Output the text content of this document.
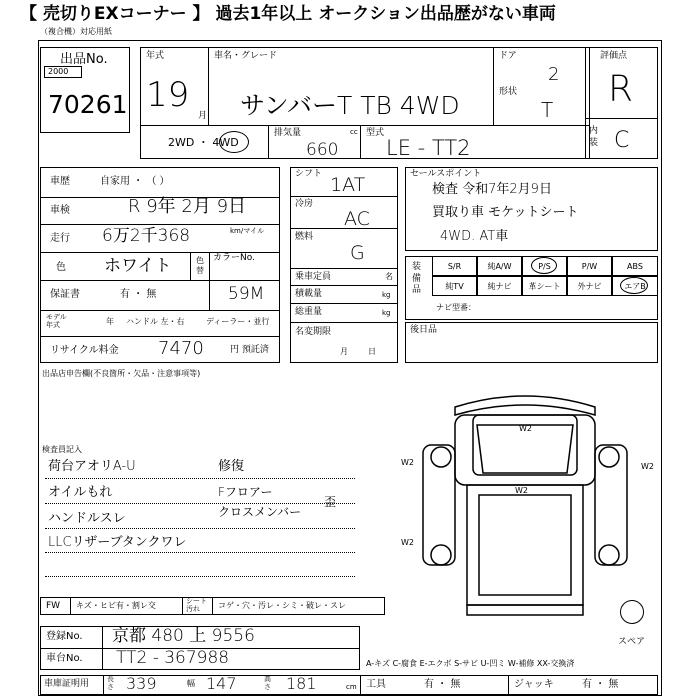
【 売切りEXコーナー 】 過去1年以上 オークション出品歴がない車両
（複合機）対応用紙
出品No.
2000
70261
年式
19
月
車名・グレード
サンバーT TB 4WD
ドア
2
形状
T
2WD ・ 4WD
排気量	cc
660
型式
LE - TT2
評価点
R
内装 C
車歴	自家用 ・ （ ）
車検	R 9年 2月 9日
走行 6万2千368	km/マイル
色 ホワイト	色替
カラーNo.
59M
保証書	有 ・ 無
モデル年式	年 ハンドル 左・右	ディーラー・並行
リサイクル料金 7470	円 預託済
シフト 1AT
冷房
AC
燃料
G
乗車定員	名
積載量	kg
総重量	kg
名変期限
月日
セールスポイント
検査 令和7年2月9日
買取り車 モケットシート
4WD. AT車
装備品
S/R	純A/W	P/S	P/W	ABS
純TV	純ナビ	革シート	外ナビ	エアB
ナビ型番：
後日品
出品店申告欄(不良箇所・欠品・注意事項等)
検査員記入
荷台アオリA-U
オイルもれ
ハンドルスレ
LLCリザーブタンクワレ
修復
Fフロアー
クロスメンバー
歪
W2
W2	W2
W2
W2
スペア
FW キズ・ヒビ有・割レ交	シート汚れ	コゲ・穴・汚レ・シミ・破レ・スレ
登録No. 京都 480 上 9556
車台No. TT2 - 367988	A-キズ C-腐食 E-エクボ S-サビ U-凹ミ W-補修 XX-交換済
車庫証明用	長さ 339	幅 147	高さ 181	cm 工具	有 ・ 無	ジャッキ	有 ・ 無
